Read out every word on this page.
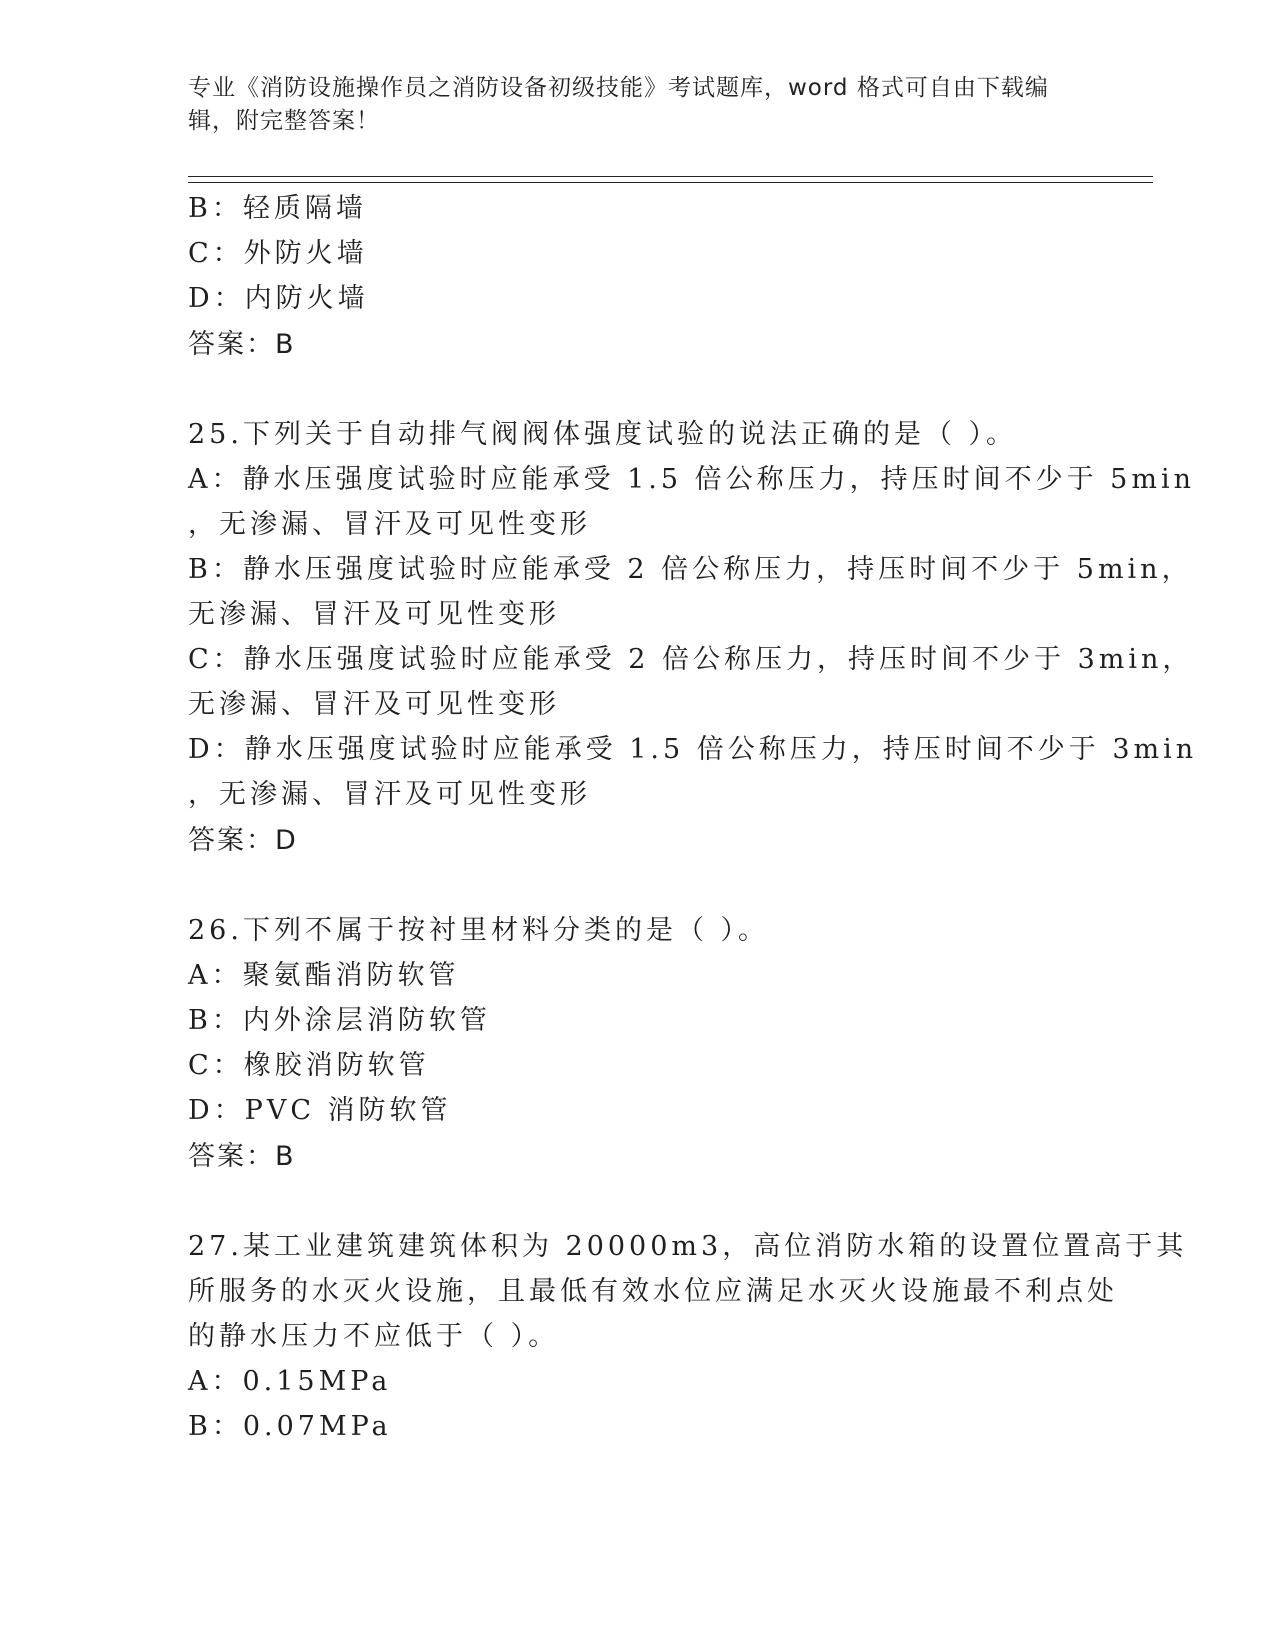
专业《消防设施操作员之消防设备初级技能》考试题库，word 格式可自由下载编
辑，附完整答案！
B：轻质隔墙
C：外防火墙
D：内防火墙
答案：B
25.下列关于自动排气阀阀体强度试验的说法正确的是（ ）。
A：静水压强度试验时应能承受 1.5 倍公称压力，持压时间不少于 5min
，无渗漏、冒汗及可见性变形
B：静水压强度试验时应能承受 2 倍公称压力，持压时间不少于 5min，
无渗漏、冒汗及可见性变形
C：静水压强度试验时应能承受 2 倍公称压力，持压时间不少于 3min，
无渗漏、冒汗及可见性变形
D：静水压强度试验时应能承受 1.5 倍公称压力，持压时间不少于 3min
，无渗漏、冒汗及可见性变形
答案：D
26.下列不属于按衬里材料分类的是（ ）。
A：聚氨酯消防软管
B：内外涂层消防软管
C：橡胶消防软管
D：PVC 消防软管
答案：B
27.某工业建筑建筑体积为 20000m3，高位消防水箱的设置位置高于其
所服务的水灭火设施，且最低有效水位应满足水灭火设施最不利点处
的静水压力不应低于（ ）。
A：0.15MPa
B：0.07MPa
